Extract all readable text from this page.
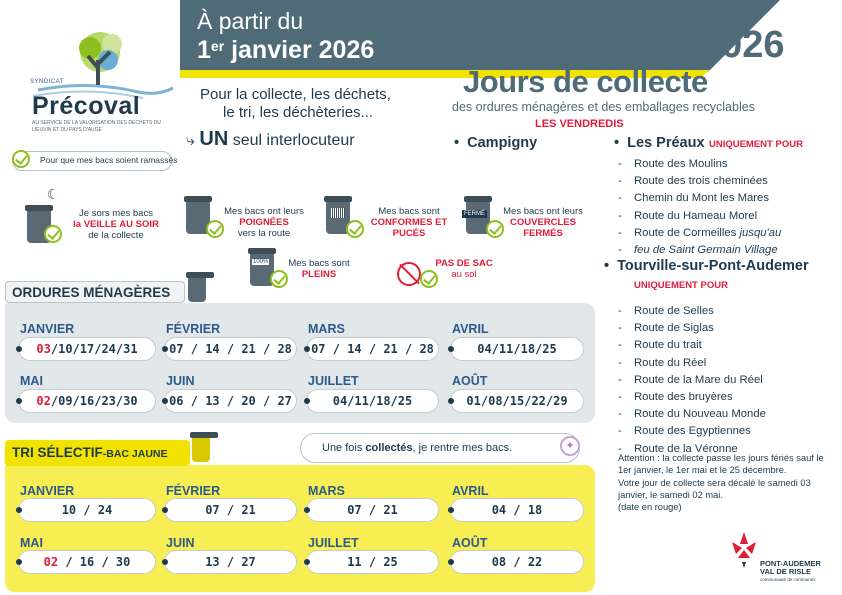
À partir du
1er janvier 2026
SYNDICAT
Précoval
AU SERVICE DE LA VALORISATION DES DÉCHETS DU LIEUVIN ET DU PAYS D'AUGE
Pour la collecte, les déchets,
le tri, les déchèteries...
⤷ UN seul interlocuteur
2026
Jours de collecte
des ordures ménagères et des emballages recyclables
LES VENDREDIS
•  Campigny	•  Les Préaux UNIQUEMENT POUR
- Route des Moulins
- Route des trois cheminées
- Chemin du Mont les Mares
- Route du Hameau Morel
- Route de Cormeilles jusqu'au
- feu de Saint Germain Village
•  Tourville-sur-Pont-Audemer
UNIQUEMENT POUR
- Route de Selles
- Route de Siglas
- Route du trait
- Route du Réel
- Route de la Mare du Réel
- Route des bruyères
- Route du Nouveau Monde
- Route des Egyptiennes
- Route de la Véronne
Attention : la collecte passe les jours fériés sauf le 1er janvier, le 1er mai et le 25 décembre.
Votre jour de collecte sera décalé le samedi 03 janvier, le samedi 02 mai.
(date en rouge)
Pour que mes bacs soient ramassés
☾
Je sors mes bacs
la VEILLE AU SOIR
de la collecte
Mes bacs ont leurs
POIGNÉES
vers la route
Mes bacs sont
CONFORMES ET PUCÉS
FERMÉ	Mes bacs ont leurs
COUVERCLES FERMÉS
100%	Mes bacs sont
PLEINS
PAS DE SAC
au sol
ORDURES MÉNAGÈRES
JANVIER
03/10/17/24/31
FÉVRIER
07 / 14 / 21 / 28
MARS
07 / 14 / 21 / 28
AVRIL
04/11/18/25
MAI
02/09/16/23/30
JUIN
06 / 13 / 20 / 27
JUILLET
04/11/18/25
AOÛT
01/08/15/22/29
TRI SÉLECTIF-BAC JAUNE	Une fois collectés, je rentre mes bacs.	✦
JANVIER
10 / 24
FÉVRIER
07 / 21
MARS
07 / 21
AVRIL
04 / 18
MAI
02 / 16 / 30
JUIN
13 / 27
JUILLET
11 / 25
AOÛT
08 / 22	PONT-AUDEMER
VAL DE RISLE
communauté de communes
